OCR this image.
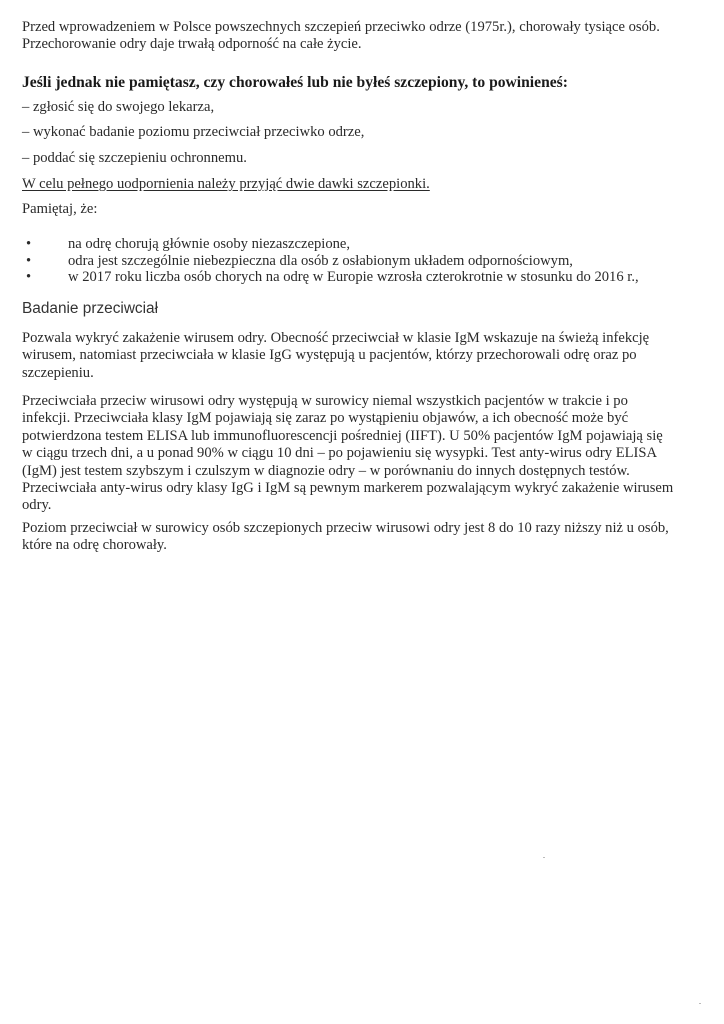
Przed wprowadzeniem w Polsce powszechnych szczepień przeciwko odrze (1975r.), chorowały tysiące osób.

Przechorowanie odry daje trwałą odporność na całe życie.

Jeśli jednak nie pamiętasz, czy chorowałeś lub nie byłeś szczepiony, to powinieneś:
– zgłosić się do swojego lekarza,
– wykonać badanie poziomu przeciwciał przeciwko odrze,
– poddać się szczepieniu ochronnemu.
W celu pełnego uodpornienia należy przyjąć dwie dawki szczepionki.
Pamiętaj, że:
•	na odrę chorują głównie osoby niezaszczepione,
•	odra jest szczególnie niebezpieczna dla osób z osłabionym układem odpornościowym,
•	w 2017 roku liczba osób chorych na odrę w Europie wzrosła czterokrotnie w stosunku do 2016 r.,
Badanie przeciwciał
Pozwala wykryć zakażenie wirusem odry. Obecność przeciwciał w klasie IgM wskazuje na świeżą infekcję
wirusem, natomiast przeciwciała w klasie IgG występują u pacjentów, którzy przechorowali odrę oraz po
szczepieniu.
Przeciwciała przeciw wirusowi odry występują w surowicy niemal wszystkich pacjentów w trakcie i po
infekcji. Przeciwciała klasy IgM pojawiają się zaraz po wystąpieniu objawów, a ich obecność może być
potwierdzona testem ELISA lub immunofluorescencji pośredniej (IIFT). U 50% pacjentów IgM pojawiają się
w ciągu trzech dni, a u ponad 90% w ciągu 10 dni – po pojawieniu się wysypki. Test anty-wirus odry ELISA
(IgM) jest testem szybszym i czulszym w diagnozie odry – w porównaniu do innych dostępnych testów.
Przeciwciała anty-wirus odry klasy IgG i IgM są pewnym markerem pozwalającym wykryć zakażenie wirusem
odry.
Poziom przeciwciał w surowicy osób szczepionych przeciw wirusowi odry jest 8 do 10 razy niższy niż u osób,
które na odrę chorowały.
